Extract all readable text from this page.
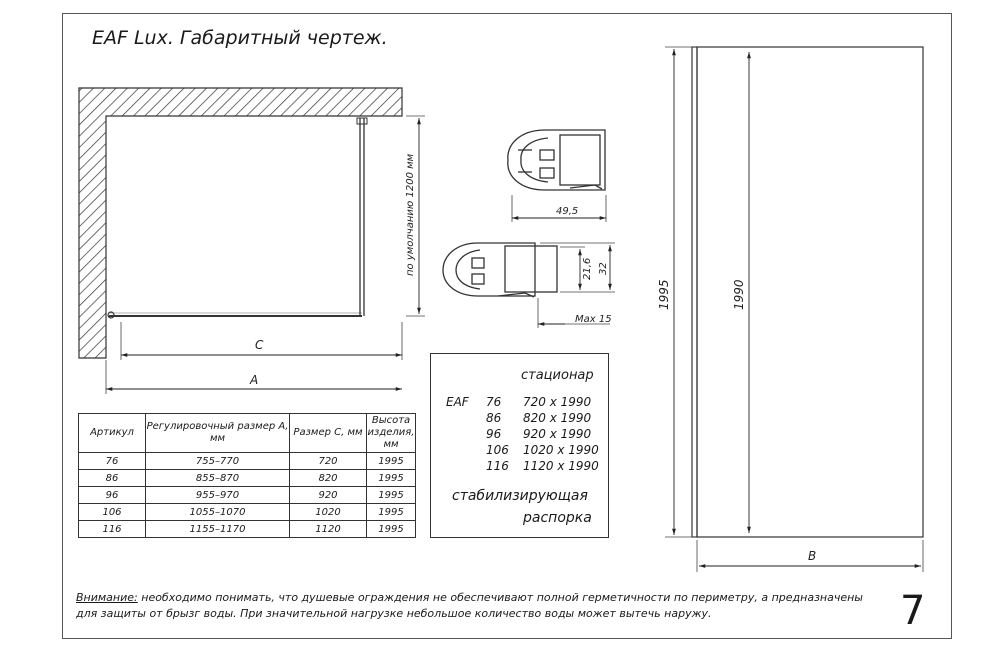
EAF Lux. Габаритный чертеж.
по умолчанию 1200 мм
C
A
49,5
21,6 32
Max 15
1995	1990
B
Артикул	Регулировочный размер А, мм	Размер С, мм	Высота изделия, мм
76	755–770	720	1995
86	855–870	820	1995
96	955–970	920	1995
106	1055–1070	1020	1995
116	1155–1170	1120	1995
стационар
EAF 76 720 x 1990
86 820 x 1990
96 920 x 1990
106 1020 x 1990
116 1120 x 1990
стабилизирующая
распорка
Внимание: необходимо понимать, что душевые ограждения не обеспечивают полной герметичности по периметру, а предназначены
для защиты от брызг воды. При значительной нагрузке небольшое количество воды может вытечь наружу.	7
